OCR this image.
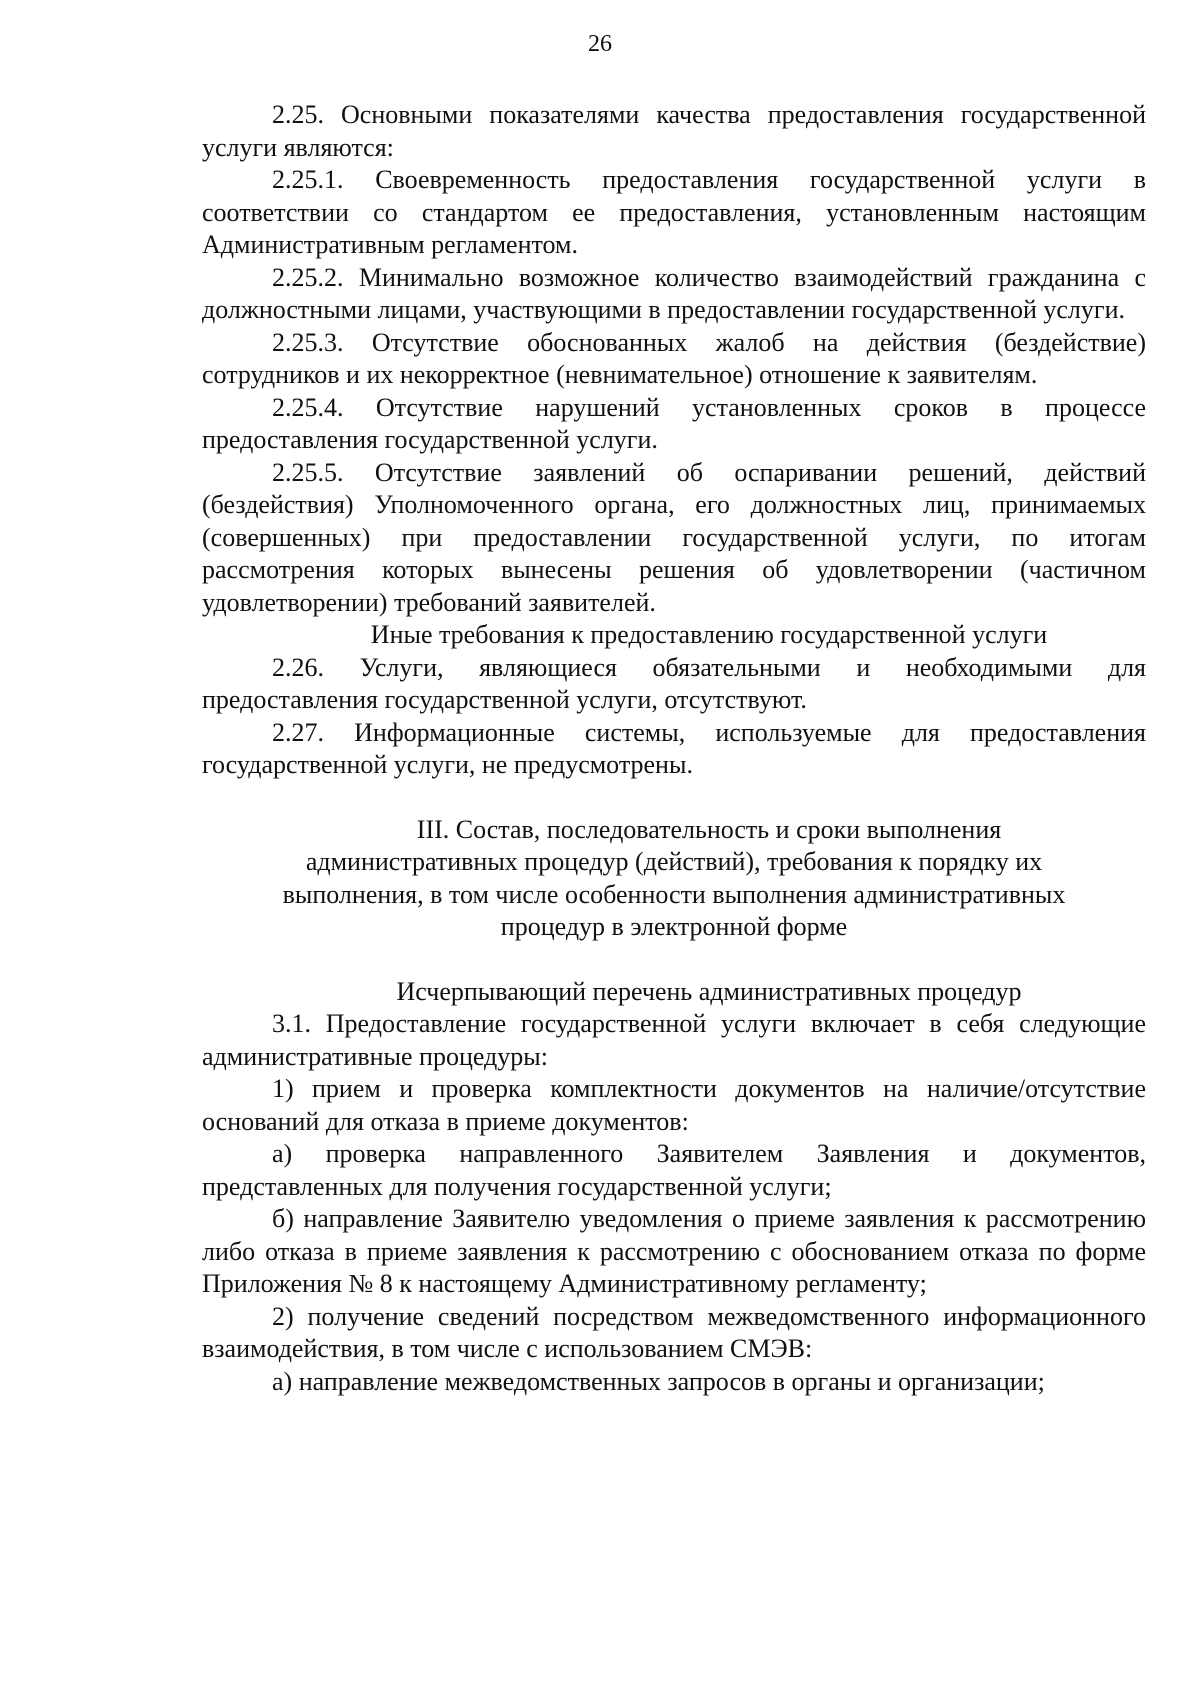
26

2.25. Основными показателями качества предоставления государственной услуги являются:

2.25.1. Своевременность предоставления государственной услуги в соответствии со стандартом ее предоставления, установленным настоящим Административным регламентом.

2.25.2. Минимально возможное количество взаимодействий гражданина с должностными лицами, участвующими в предоставлении государственной услуги.

2.25.3. Отсутствие обоснованных жалоб на действия (бездействие) сотрудников и их некорректное (невнимательное) отношение к заявителям.

2.25.4. Отсутствие нарушений установленных сроков в процессе предоставления государственной услуги.

2.25.5. Отсутствие заявлений об оспаривании решений, действий (бездействия) Уполномоченного органа, его должностных лиц, принимаемых (совершенных) при предоставлении государственной услуги, по итогам рассмотрения которых вынесены решения об удовлетворении (частичном удовлетворении) требований заявителей.

Иные требования к предоставлению государственной услуги

2.26. Услуги, являющиеся обязательными и необходимыми для предоставления государственной услуги, отсутствуют.

2.27. Информационные системы, используемые для предоставления государственной услуги, не предусмотрены.

III. Состав, последовательность и сроки выполнения

административных процедур (действий), требования к порядку их

выполнения, в том числе особенности выполнения административных

процедур в электронной форме

Исчерпывающий перечень административных процедур

3.1. Предоставление государственной услуги включает в себя следующие административные процедуры:

1) прием и проверка комплектности документов на наличие/отсутствие оснований для отказа в приеме документов:

а) проверка направленного Заявителем Заявления и документов, представленных для получения государственной услуги;

б) направление Заявителю уведомления о приеме заявления к рассмотрению либо отказа в приеме заявления к рассмотрению с обоснованием отказа по форме Приложения № 8 к настоящему Административному регламенту;

2) получение сведений посредством межведомственного информационного взаимодействия, в том числе с использованием СМЭВ:

а) направление межведомственных запросов в органы и организации;
